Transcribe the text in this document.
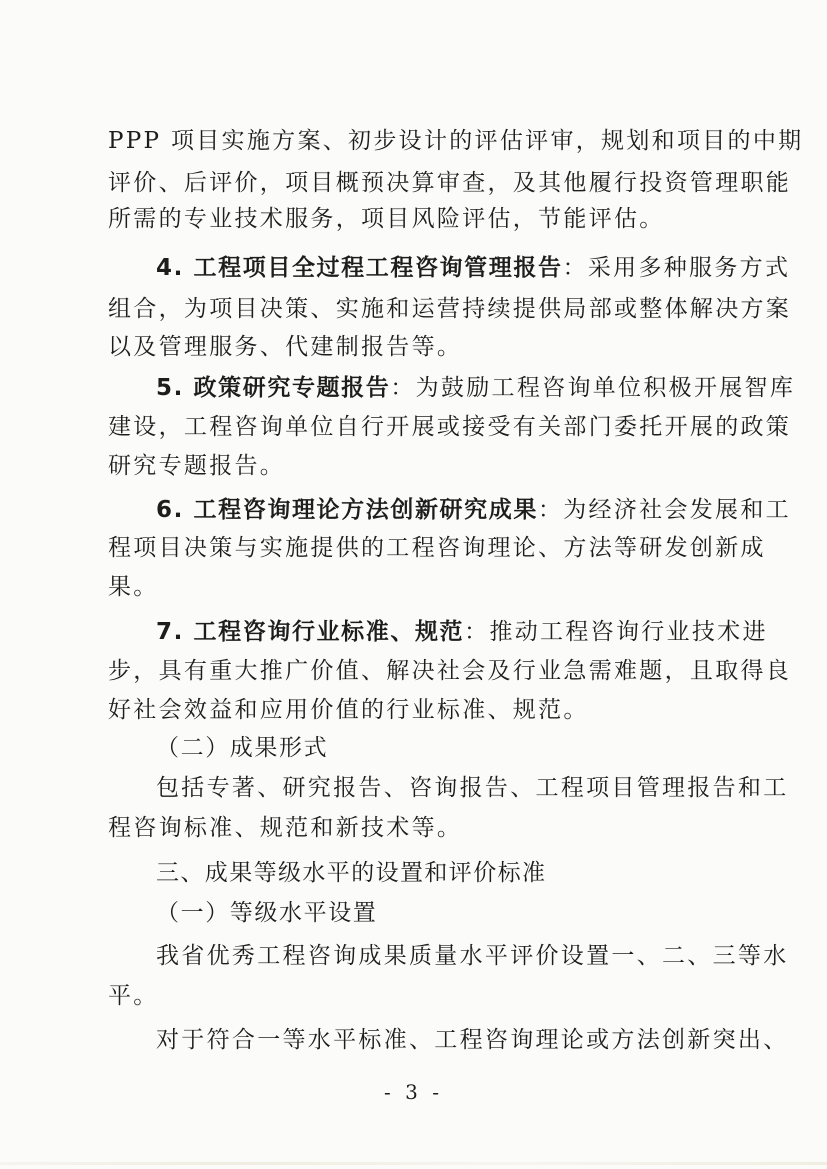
PPP 项目实施方案、初步设计的评估评审，规划和项目的中期
评价、后评价，项目概预决算审查，及其他履行投资管理职能
所需的专业技术服务，项目风险评估，节能评估。
4. 工程项目全过程工程咨询管理报告：采用多种服务方式
组合，为项目决策、实施和运营持续提供局部或整体解决方案
以及管理服务、代建制报告等。
5. 政策研究专题报告：为鼓励工程咨询单位积极开展智库
建设，工程咨询单位自行开展或接受有关部门委托开展的政策
研究专题报告。
6. 工程咨询理论方法创新研究成果：为经济社会发展和工
程项目决策与实施提供的工程咨询理论、方法等研发创新成
果。
7. 工程咨询行业标准、规范：推动工程咨询行业技术进
步，具有重大推广价值、解决社会及行业急需难题，且取得良
好社会效益和应用价值的行业标准、规范。
（二）成果形式
包括专著、研究报告、咨询报告、工程项目管理报告和工
程咨询标准、规范和新技术等。
三、成果等级水平的设置和评价标准
（一）等级水平设置
我省优秀工程咨询成果质量水平评价设置一、二、三等水
平。
对于符合一等水平标准、工程咨询理论或方法创新突出、
- 3 -
